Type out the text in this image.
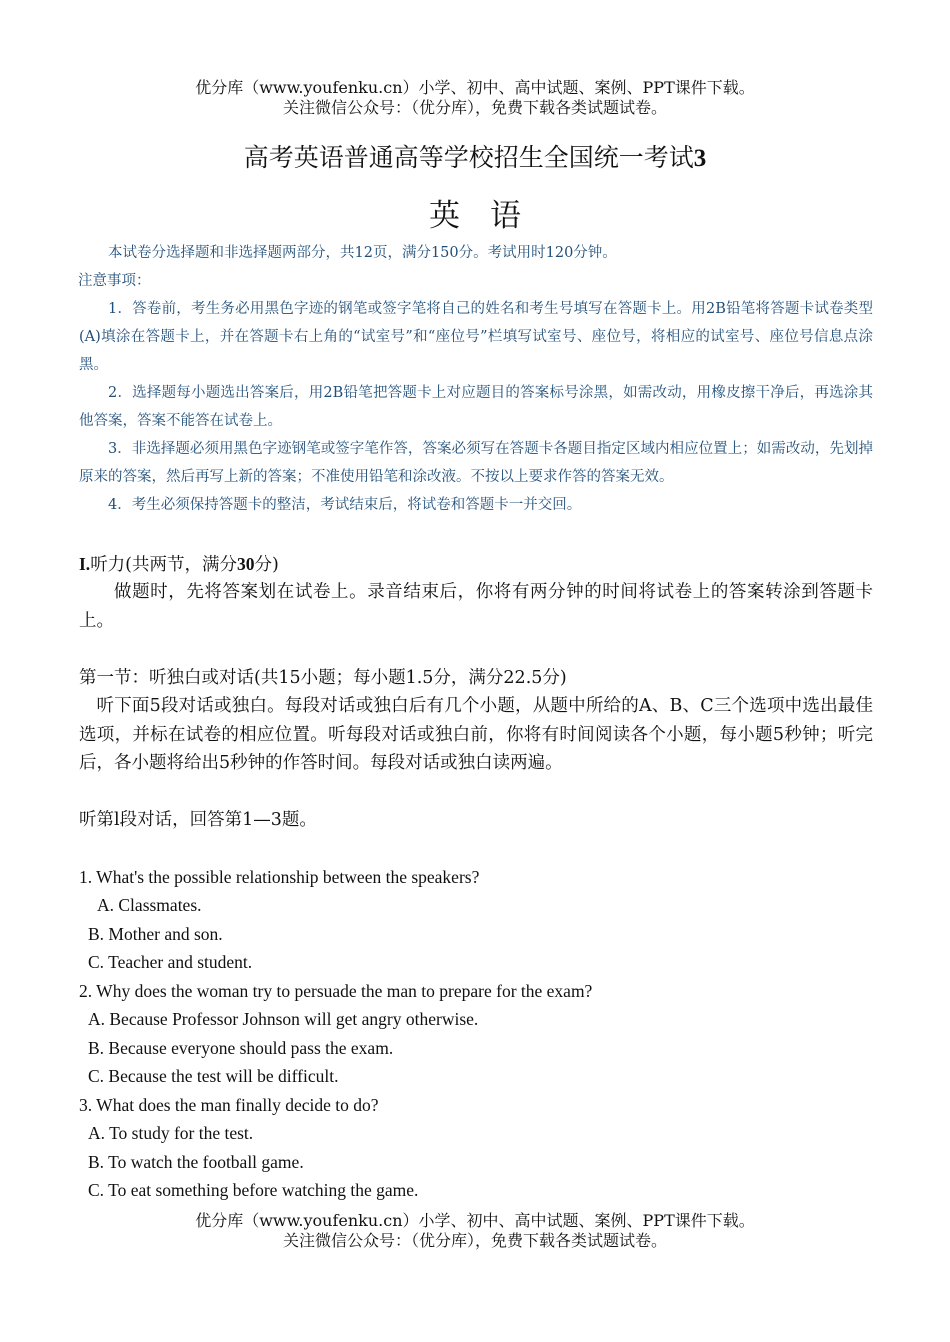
优分库（www.youfenku.cn）小学、初中、高中试题、案例、PPT课件下载。
关注微信公众号：（优分库），免费下载各类试题试卷。
高考英语普通高等学校招生全国统一考试3
英语

本试卷分选择题和非选择题两部分，共12页，满分150分。考试用时120分钟。

注意事项：

1．答卷前，考生务必用黑色字迹的钢笔或签字笔将自己的姓名和考生号填写在答题卡上。用2B铅笔将答题卡试卷类型(A)填涂在答题卡上，并在答题卡右上角的“试室号”和“座位号”栏填写试室号、座位号，将相应的试室号、座位号信息点涂黑。

2．选择题每小题选出答案后，用2B铅笔把答题卡上对应题目的答案标号涂黑，如需改动，用橡皮擦干净后，再选涂其他答案，答案不能答在试卷上。

3．非选择题必须用黑色字迹钢笔或签字笔作答，答案必须写在答题卡各题目指定区域内相应位置上；如需改动，先划掉原来的答案，然后再写上新的答案；不准使用铅笔和涂改液。不按以上要求作答的答案无效。

4．考生必须保持答题卡的整洁，考试结束后，将试卷和答题卡一并交回。

I.听力(共两节，满分30分)
做题时，先将答案划在试卷上。录音结束后，你将有两分钟的时间将试卷上的答案转涂到答题卡上。
第一节：听独白或对话(共15小题；每小题1.5分，满分22.5分)
听下面5段对话或独白。每段对话或独白后有几个小题，从题中所给的A、B、C三个选项中选出最佳选项，并标在试卷的相应位置。听每段对话或独白前，你将有时间阅读各个小题，每小题5秒钟；听完后，各小题将给出5秒钟的作答时间。每段对话或独白读两遍。
听第l段对话，回答第1—3题。
1. What's the possible relationship between the speakers?
A. Classmates.
B. Mother and son.
C. Teacher and student.
2. Why does the woman try to persuade the man to prepare for the exam?
A. Because Professor Johnson will get angry otherwise.
B. Because everyone should pass the exam.
C. Because the test will be difficult.
3. What does the man finally decide to do?
A. To study for the test.
B. To watch the football game.
C. To eat something before watching the game.
优分库（www.youfenku.cn）小学、初中、高中试题、案例、PPT课件下载。
关注微信公众号：（优分库），免费下载各类试题试卷。
